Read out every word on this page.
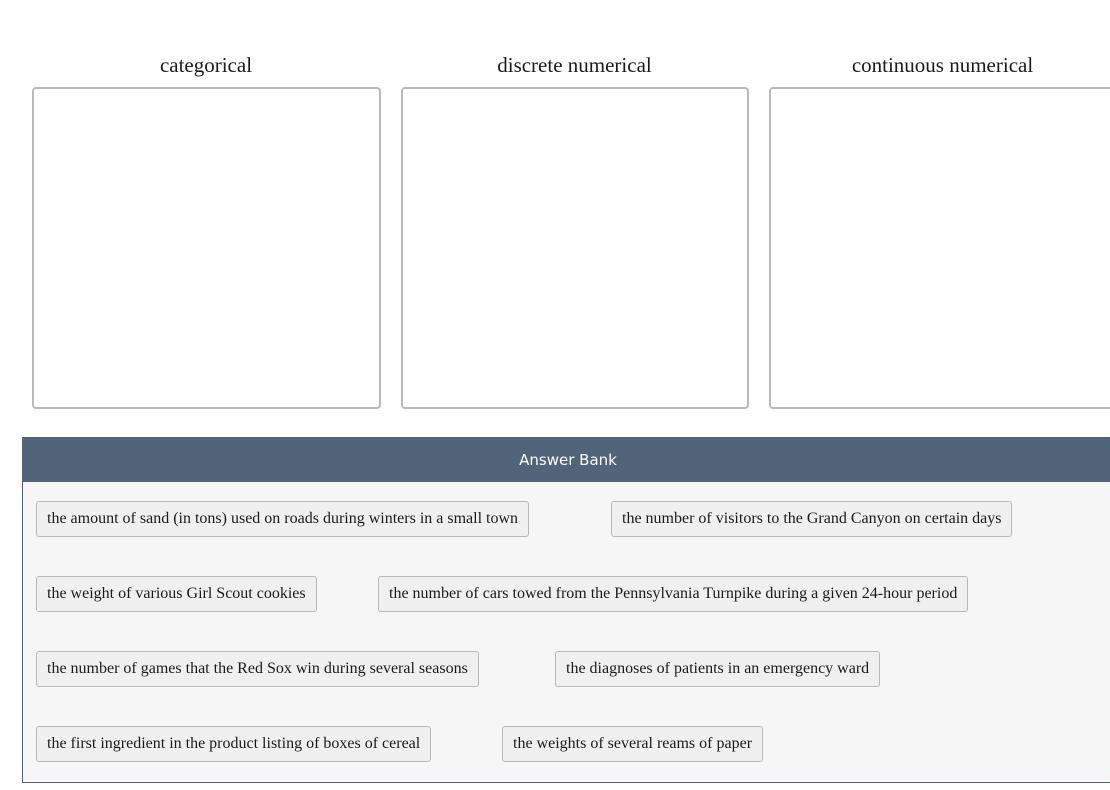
categorical	discrete numerical	continuous numerical
Answer Bank
the amount of sand (in tons) used on roads during winters in a small town	the number of visitors to the Grand Canyon on certain days
the weight of various Girl Scout cookies	the number of cars towed from the Pennsylvania Turnpike during a given 24-hour period
the number of games that the Red Sox win during several seasons	the diagnoses of patients in an emergency ward
the first ingredient in the product listing of boxes of cereal	the weights of several reams of paper
